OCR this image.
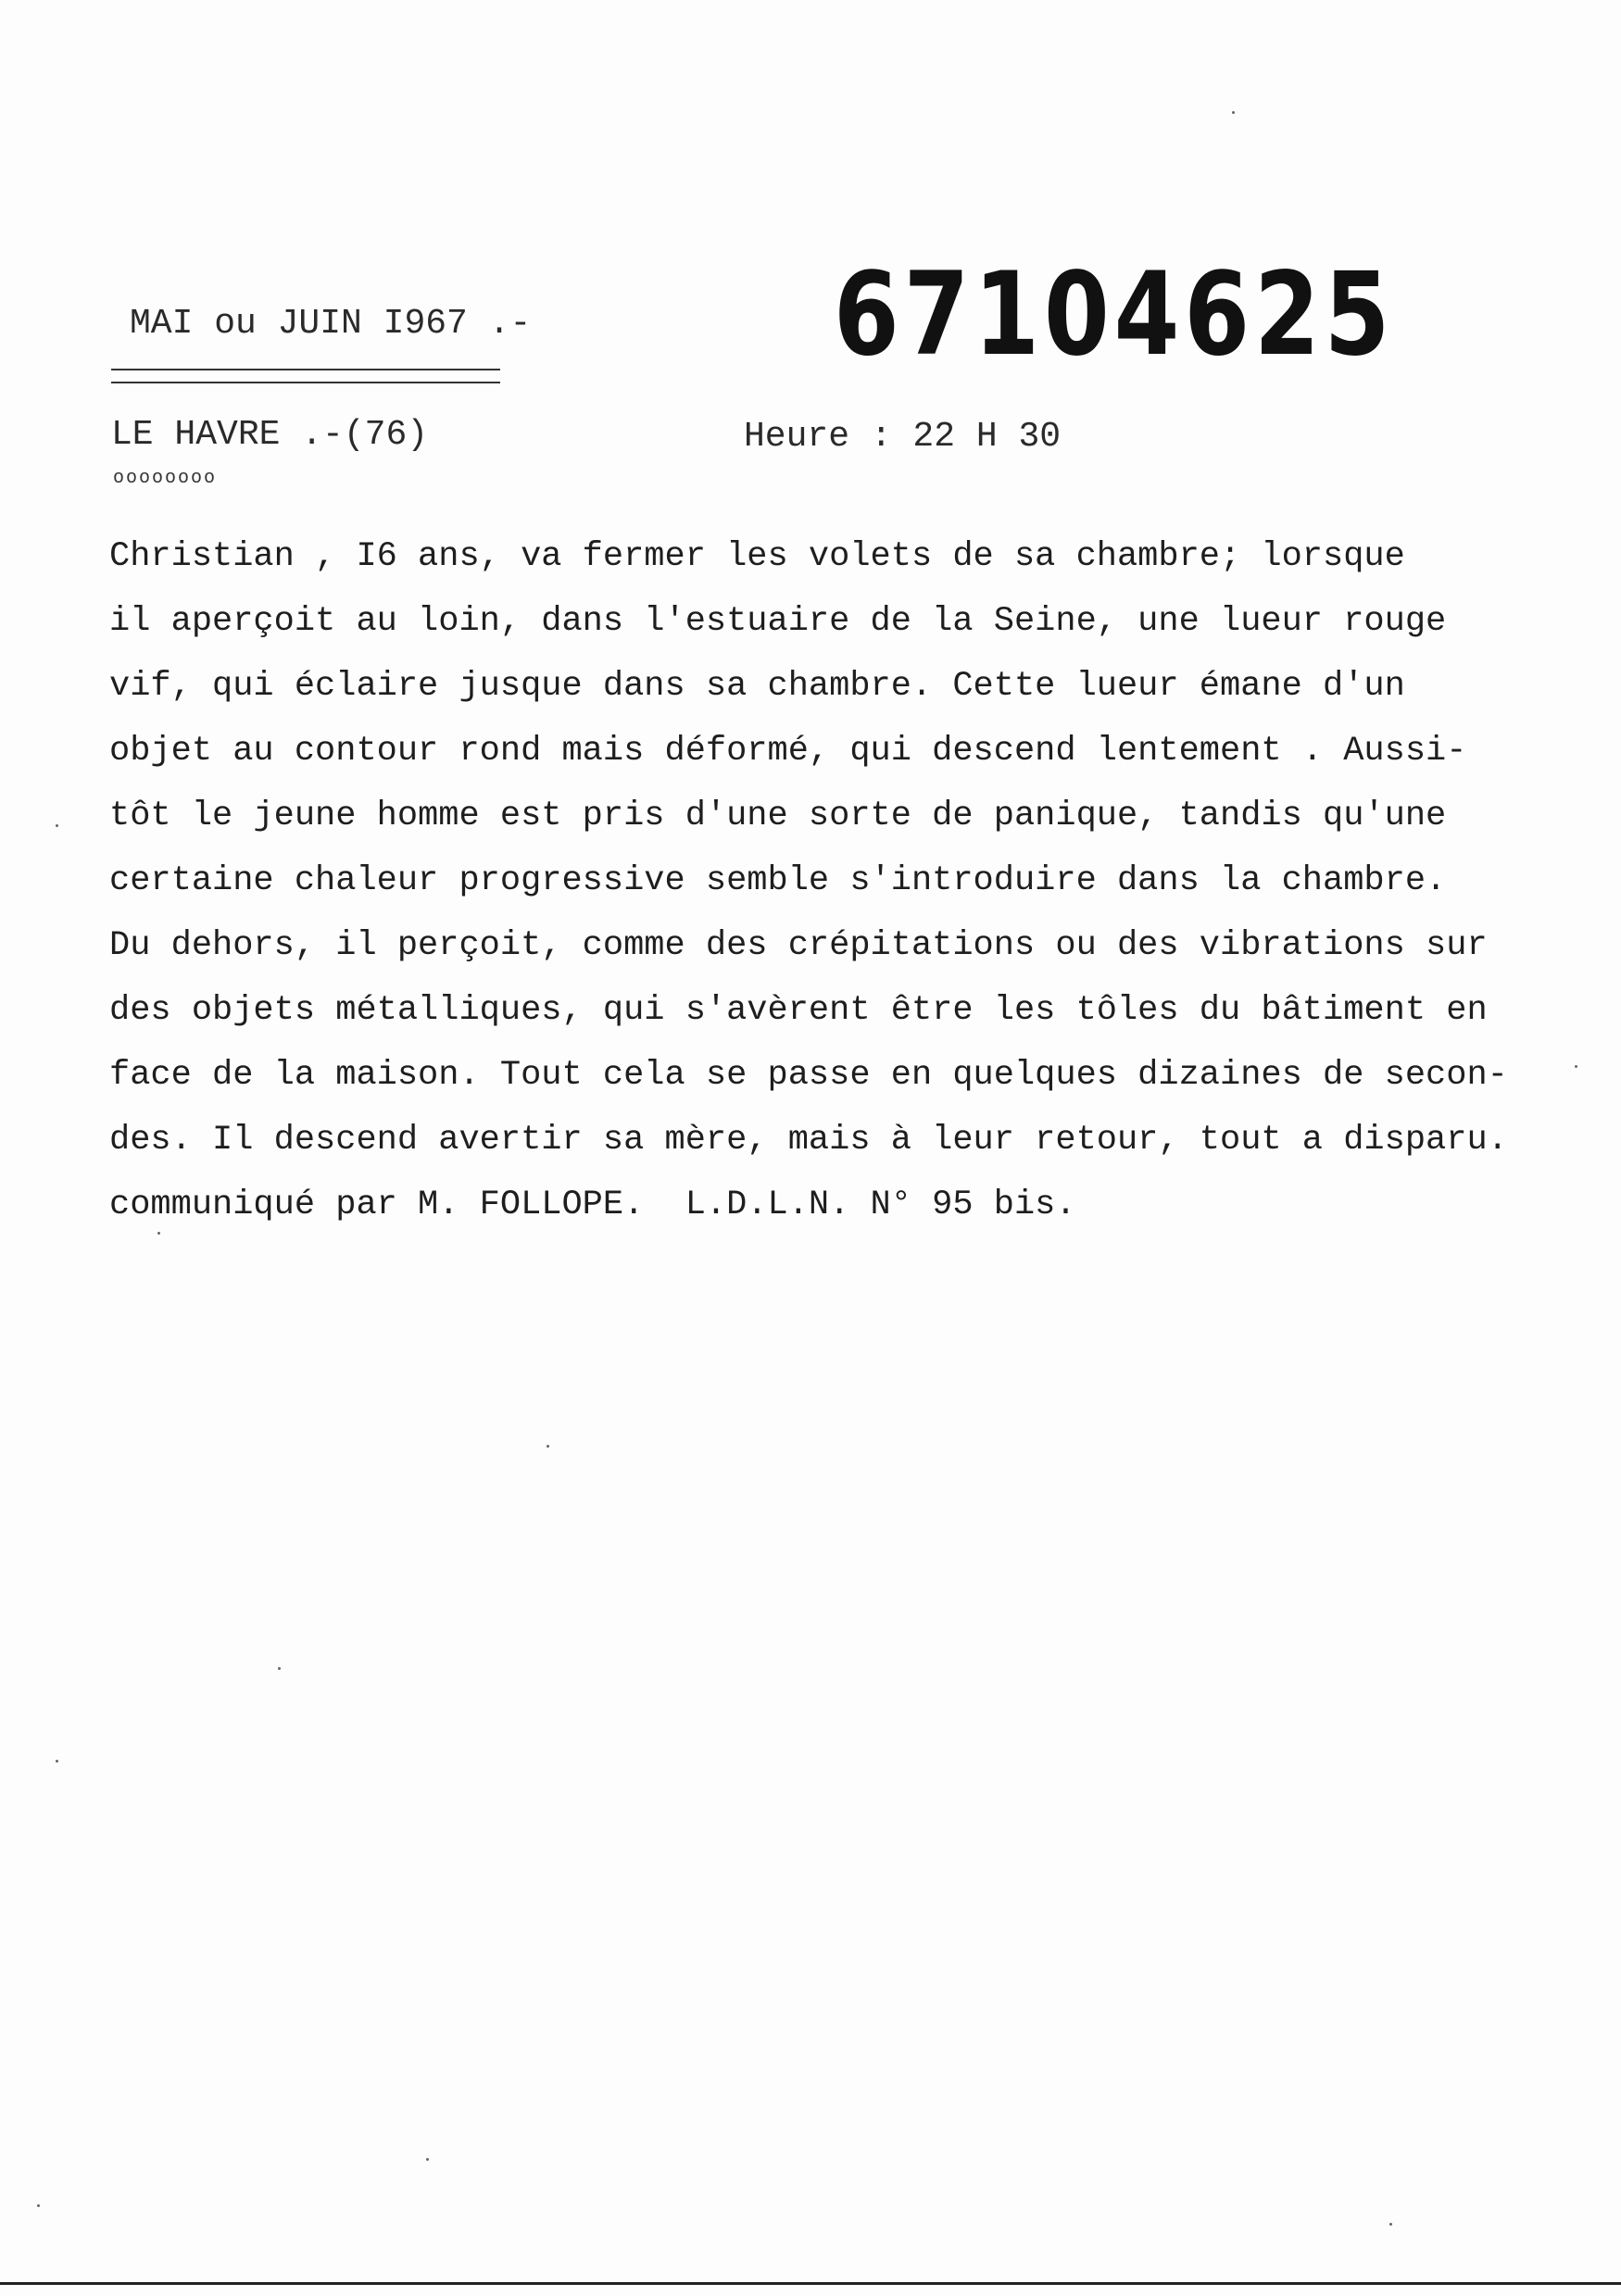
MAI ou JUIN I967 .-	67104625
LE HAVRE .-(76)
oooooooo
Heure : 22 H 30
Christian , I6 ans, va fermer les volets de sa chambre; lorsque
il aperçoit au loin, dans l'estuaire de la Seine, une lueur rouge
vif, qui éclaire jusque dans sa chambre. Cette lueur émane d'un
objet au contour rond mais déformé, qui descend lentement . Aussi-
tôt le jeune homme est pris d'une sorte de panique, tandis qu'une
certaine chaleur progressive semble s'introduire dans la chambre.
Du dehors, il perçoit, comme des crépitations ou des vibrations sur
des objets métalliques, qui s'avèrent être les tôles du bâtiment en
face de la maison. Tout cela se passe en quelques dizaines de secon-
des. Il descend avertir sa mère, mais à leur retour, tout a disparu.
communiqué par M. FOLLOPE.  L.D.L.N. N° 95 bis.
